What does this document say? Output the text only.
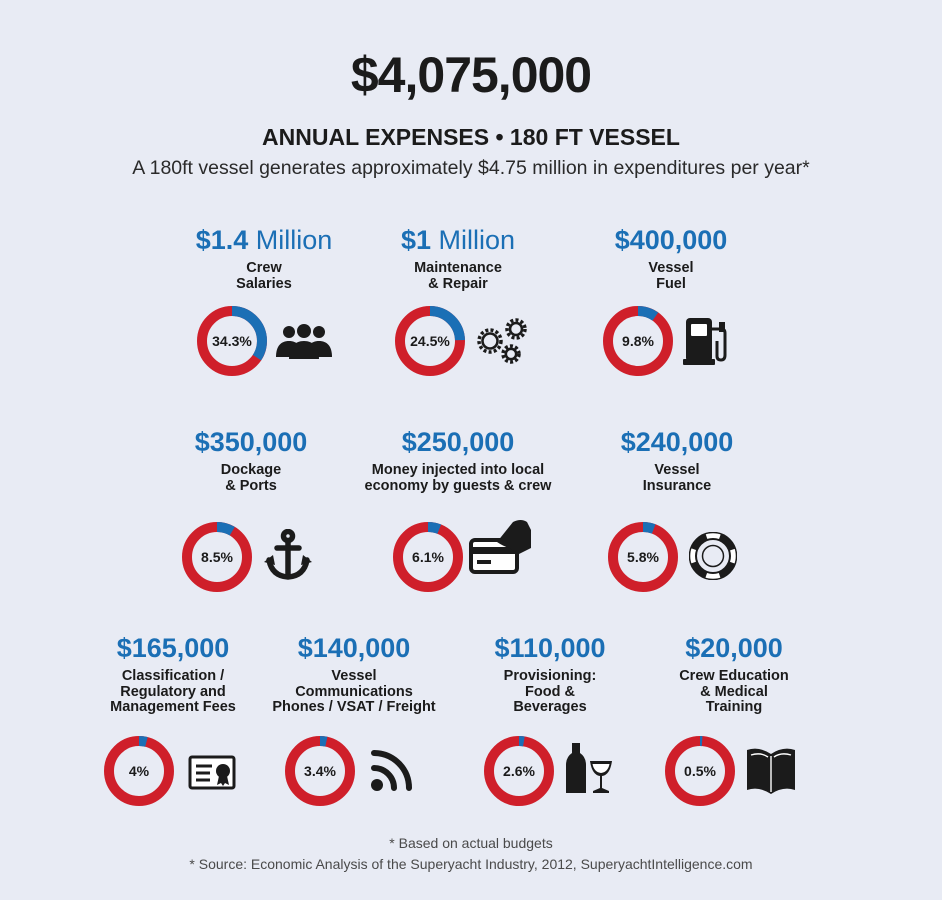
$4,075,000
ANNUAL EXPENSES • 180 FT VESSEL
A 180ft vessel generates approximately $4.75 million in expenditures per year*
$1.4 Million
Crew
Salaries
34.3%
$1 Million
Maintenance
& Repair
24.5%
$400,000
Vessel
Fuel
9.8%
$350,000
Dockage
& Ports
8.5%
$250,000
Money injected into local
economy by guests & crew
6.1%
$240,000
Vessel
Insurance
5.8%
$165,000
Classification /
Regulatory and
Management Fees
4%
$140,000
Vessel
Communications
Phones / VSAT / Freight
3.4%
$110,000
Provisioning:
Food &
Beverages
2.6%
$20,000
Crew Education
& Medical
Training
0.5%
* Based on actual budgets
* Source: Economic Analysis of the Superyacht Industry, 2012, SuperyachtIntelligence.com
